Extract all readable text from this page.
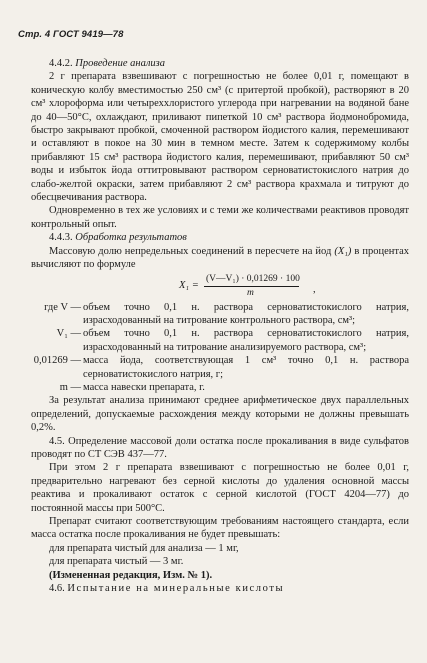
Стр. 4 ГОСТ 9419—78

4.4.2. Проведение анализа

2 г препарата взвешивают с погрешностью не более 0,01 г, помещают в коническую колбу вместимостью 250 см³ (с притертой пробкой), растворяют в 20 см³ хлороформа или четыреххлористого углерода при нагревании на водяной бане до 40—50°С, охлаждают, приливают пипеткой 10 см³ раствора йодмонобромида, быстро закрывают пробкой, смоченной раствором йодистого калия, перемешивают и оставляют в покое на 30 мин в темном месте. Затем к содержимому колбы прибавляют 15 см³ раствора йодистого калия, перемешивают, прибавляют 50 см³ воды и избыток йода оттитровывают раствором серноватистокислого натрия до слабо-желтой окраски, затем прибавляют 2 см³ раствора крахмала и титруют до обесцвечивания раствора.

Одновременно в тех же условиях и с теми же количествами реактивов проводят контрольный опыт.

4.4.3. Обработка результатов

Массовую долю непредельных соединений в пересчете на йод (X₁) в процентах вычисляют по формуле

X₁ =
(V—V₁) · 0,01269 · 100
m	,
где V — объем точно 0,1 н. раствора серноватистокислого натрия, израсходованный на титрование контрольного раствора, см³;
V₁ — объем точно 0,1 н. раствора серноватистокислого натрия, израсходованный на титрование анализируемого раствора, см³;
0,01269 — масса йода, соответствующая 1 см³ точно 0,1 н. раствора серноватистокислого натрия, г;
m — масса навески препарата, г.

За результат анализа принимают среднее арифметическое двух параллельных определений, допускаемые расхождения между которыми не должны превышать 0,2%.

4.5. Определение массовой доли остатка после прокаливания в виде сульфатов проводят по СТ СЭВ 437—77.

При этом 2 г препарата взвешивают с погрешностью не более 0,01 г, предварительно нагревают без серной кислоты до удаления основной массы реактива и прокаливают остаток с серной кислотой (ГОСТ 4204—77) до постоянной массы при 500°С.

Препарат считают соответствующим требованиям настоящего стандарта, если масса остатка после прокаливания не будет превышать:

для препарата чистый для анализа — 1 мг,

для препарата чистый — 3 мг.

(Измененная редакция, Изм. № 1).

4.6. Испытание на минеральные кислоты
